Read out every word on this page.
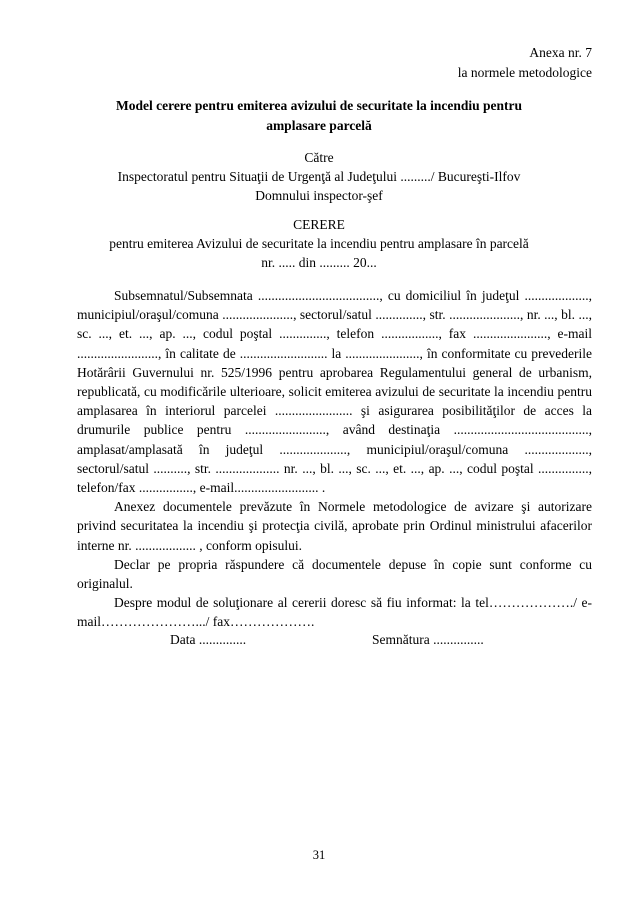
Anexa nr. 7
la normele metodologice
Model cerere pentru emiterea avizului de securitate la incendiu pentru
amplasare parcelă
Către
Inspectoratul pentru Situaţii de Urgenţă al Judeţului ........./ Bucureşti-Ilfov
Domnului inspector-şef
CERERE
pentru emiterea Avizului de securitate la incendiu pentru amplasare în parcelă
nr. ..... din ......... 20...

Subsemnatul/Subsemnata ...................................., cu domiciliul în judeţul ..................., municipiul/oraşul/comuna ....................., sectorul/satul .............., str. ....................., nr. ..., bl. ..., sc. ..., et. ..., ap. ..., codul poştal .............., telefon ................., fax ......................, e-mail ........................, în calitate de .......................... la ......................, în conformitate cu prevederile Hotărârii Guvernului nr. 525/1996 pentru aprobarea Regulamentului general de urbanism, republicată, cu modificările ulterioare, solicit emiterea avizului de securitate la incendiu pentru amplasarea în interiorul parcelei ....................... şi asigurarea posibilităţilor de acces la drumurile publice pentru ........................, având destinaţia ........................................, amplasat/amplasată în judeţul ...................., municipiul/oraşul/comuna ..................., sectorul/satul .........., str. ................... nr. ..., bl. ..., sc. ..., et. ..., ap. ..., codul poştal ..............., telefon/fax ................, e-mail......................... .

Anexez documentele prevăzute în Normele metodologice de avizare şi autorizare privind securitatea la incendiu şi protecţia civilă, aprobate prin Ordinul ministrului afacerilor interne nr. .................. , conform opisului.

Declar pe propria răspundere că documentele depuse în copie sunt conforme cu originalul.

Despre modul de soluţionare al cererii doresc să fiu informat: la tel………………./ e-mail………………….../ fax……………….

Data ..............	Semnătura ...............
31
